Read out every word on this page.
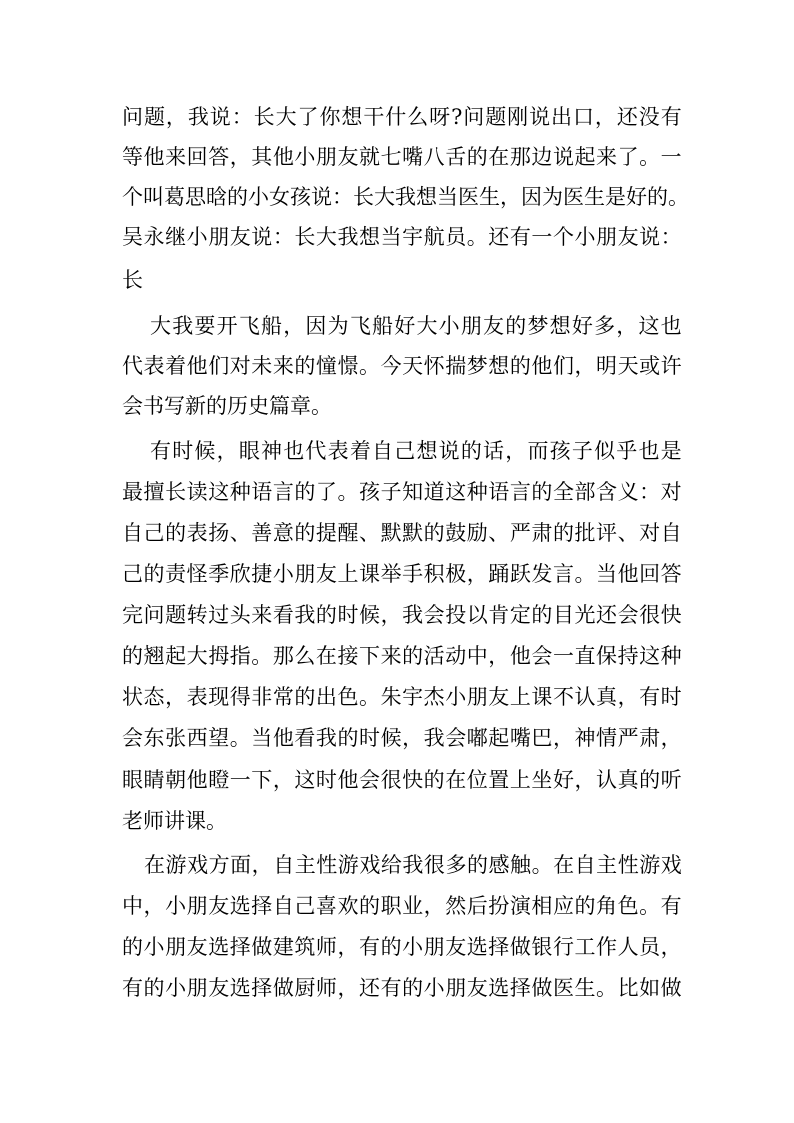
问 题 ， 我 说 ： 长 大 了 你 想 干 什 么 呀 ? 问 题 刚 说 出 口 ， 还 没 有
等 他 来 回 答 ， 其 他 小 朋 友 就 七 嘴 八 舌 的 在 那 边 说 起 来 了 。 一
个 叫 葛 思 晗 的 小 女 孩 说 ： 长 大 我 想 当 医 生 ， 因 为 医 生 是 好 的 。
吴 永 继 小 朋 友 说 ： 长 大 我 想 当 宇 航 员 。 还 有 一 个 小 朋 友 说 ：
长
大 我 要 开 飞 船 ， 因 为 飞 船 好 大 小 朋 友 的 梦 想 好 多 ， 这 也
代 表 着 他 们 对 未 来 的 憧 憬 。 今 天 怀 揣 梦 想 的 他 们 ， 明 天 或 许
会书写新的历史篇章。
有 时 候 ， 眼 神 也 代 表 着 自 己 想 说 的 话 ， 而 孩 子 似 乎 也 是
最 擅 长 读 这 种 语 言 的 了 。 孩 子 知 道 这 种 语 言 的 全 部 含 义 ： 对
自 己 的 表 扬 、 善 意 的 提 醒 、 默 默 的 鼓 励 、 严 肃 的 批 评 、 对 自
己 的 责 怪 季 欣 捷 小 朋 友 上 课 举 手 积 极 ， 踊 跃 发 言 。 当 他 回 答
完 问 题 转 过 头 来 看 我 的 时 候 ， 我 会 投 以 肯 定 的 目 光 还 会 很 快
的 翘 起 大 拇 指 。 那 么 在 接 下 来 的 活 动 中 ， 他 会 一 直 保 持 这 种
状 态 ， 表 现 得 非 常 的 出 色 。 朱 宇 杰 小 朋 友 上 课 不 认 真 ， 有 时
会 东 张 西 望 。 当 他 看 我 的 时 候 ， 我 会 嘟 起 嘴 巴 ， 神 情 严 肃 ，
眼 睛 朝 他 瞪 一 下 ， 这 时 他 会 很 快 的 在 位 置 上 坐 好 ， 认 真 的 听
老师讲课。
在 游 戏 方 面 ， 自 主 性 游 戏 给 我 很 多 的 感 触 。 在 自 主 性 游 戏
中 ， 小 朋 友 选 择 自 己 喜 欢 的 职 业 ， 然 后 扮 演 相 应 的 角 色 。 有
的 小 朋 友 选 择 做 建 筑 师 ， 有 的 小 朋 友 选 择 做 银 行 工 作 人 员 ，
有 的 小 朋 友 选 择 做 厨 师 ， 还 有 的 小 朋 友 选 择 做 医 生 。 比 如 做
